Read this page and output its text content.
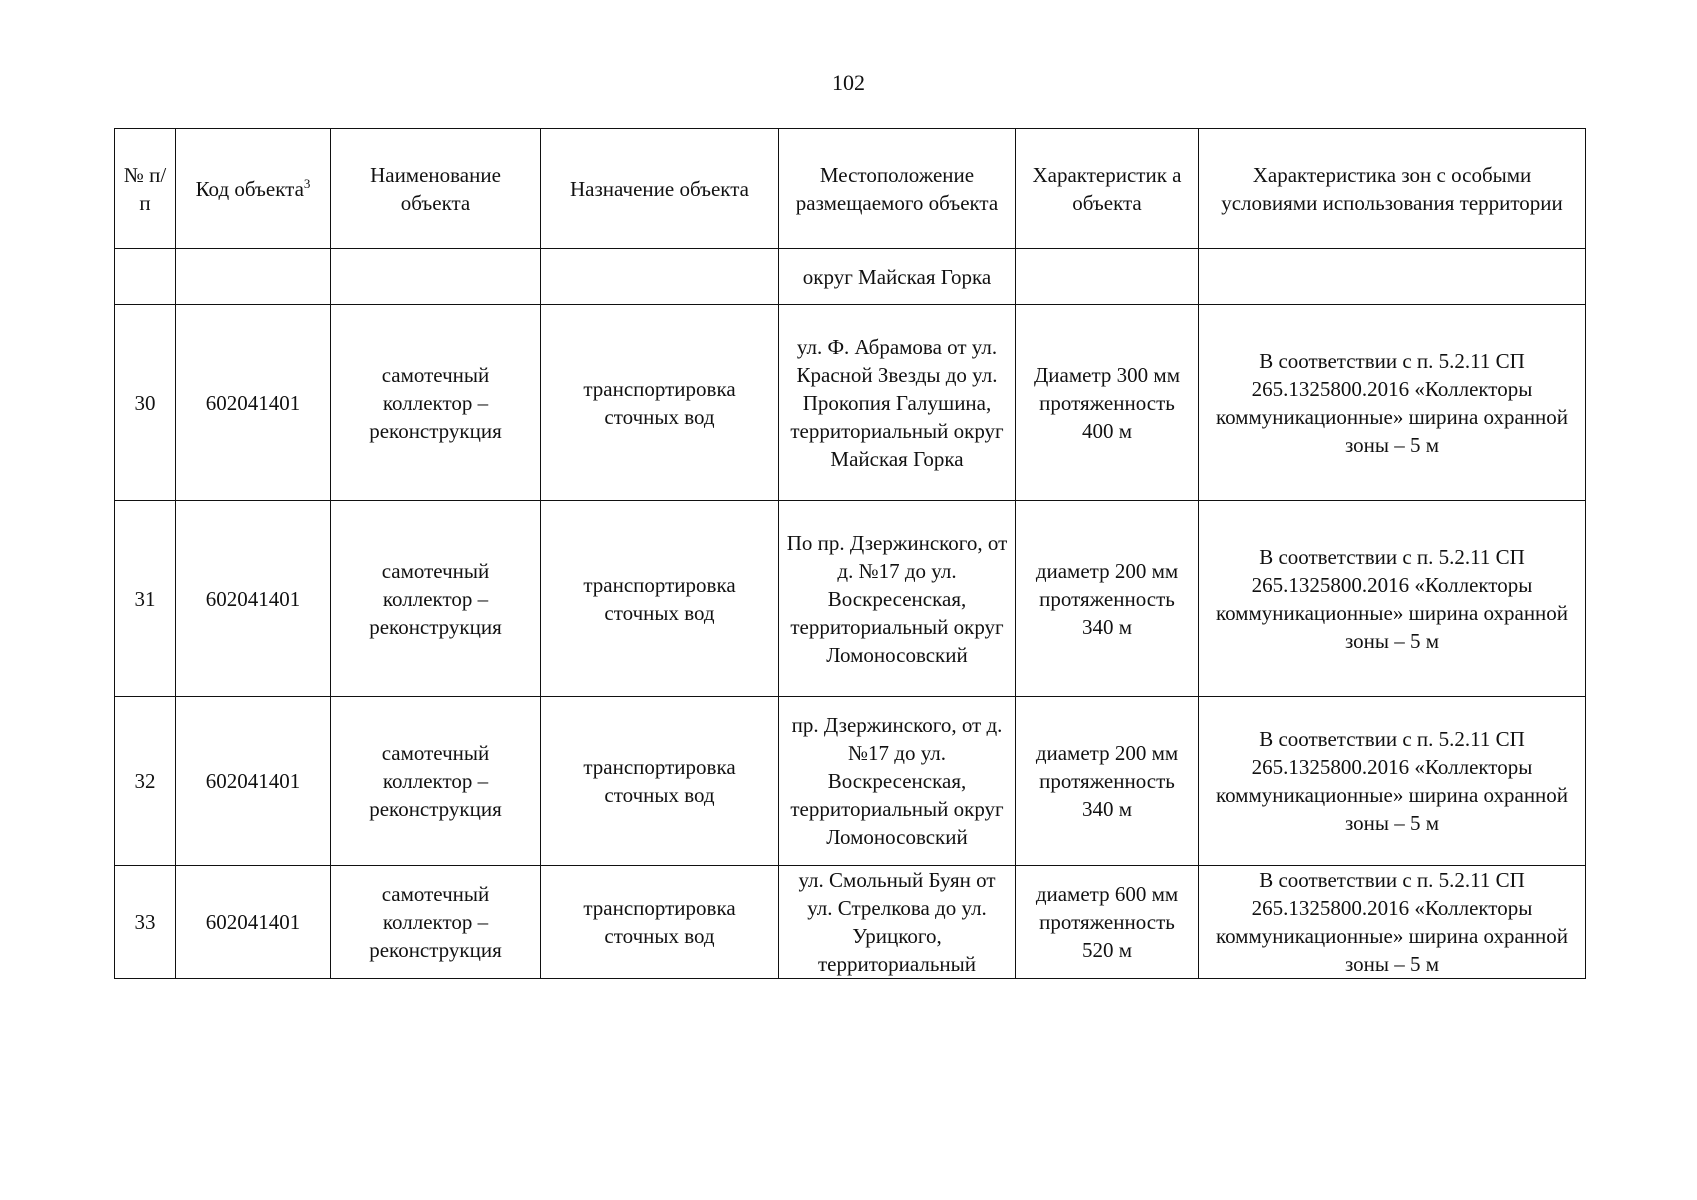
102
№ п/п	Код объекта$^3$	Наименование объекта	Назначение объекта	Местоположение размещаемого объекта	Характеристик а объекта	Характеристика зон с особыми условиями использования территории
				округ Майская Горка		
30	602041401	самотечный коллектор – реконструкция	транспортировка сточных вод	ул. Ф. Абрамова от ул. Красной Звезды до ул. Прокопия Галушина, территориальный округ Майская Горка	Диаметр 300 мм протяженность 400 м	В соответствии с п. 5.2.11 СП 265.1325800.2016 «Коллекторы коммуникационные» ширина охранной зоны – 5 м
31	602041401	самотечный коллектор – реконструкция	транспортировка сточных вод	По пр. Дзержинского, от д. №17 до ул. Воскресенская, территориальный округ Ломоносовский	диаметр 200 мм протяженность 340 м	В соответствии с п. 5.2.11 СП 265.1325800.2016 «Коллекторы коммуникационные» ширина охранной зоны – 5 м
32	602041401	самотечный коллектор – реконструкция	транспортировка сточных вод	пр. Дзержинского, от д. №17 до ул. Воскресенская, территориальный округ Ломоносовский	диаметр 200 мм протяженность 340 м	В соответствии с п. 5.2.11 СП 265.1325800.2016 «Коллекторы коммуникационные» ширина охранной зоны – 5 м
33	602041401	самотечный коллектор – реконструкция	транспортировка сточных вод	ул. Смольный Буян от ул. Стрелкова до ул. Урицкого, территориальный	диаметр 600 мм протяженность 520 м	В соответствии с п. 5.2.11 СП 265.1325800.2016 «Коллекторы коммуникационные» ширина охранной зоны – 5 м
